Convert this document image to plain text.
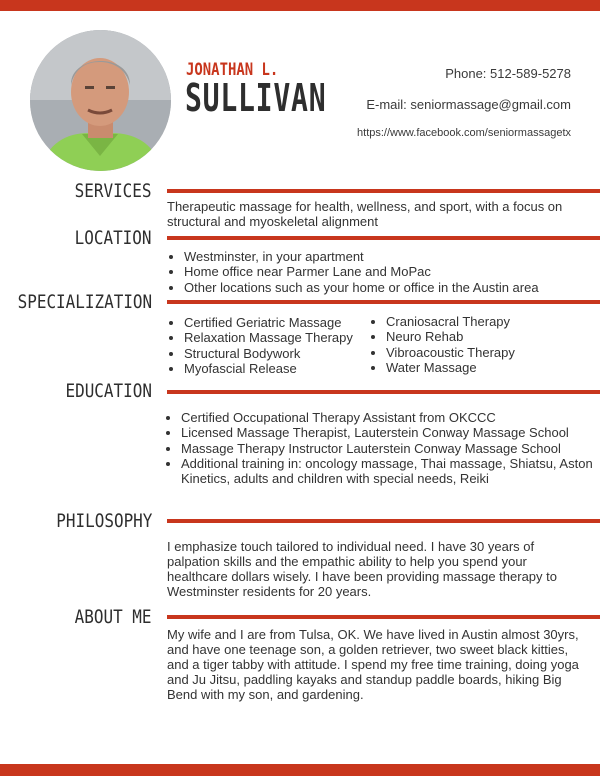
JONATHAN L.
SULLIVAN
Phone: 512-589-5278
E-mail: seniormassage@gmail.com
https://www.facebook.com/seniormassagetx
SERVICES
Therapeutic massage for health, wellness, and sport, with a focus on structural and myoskeletal alignment
LOCATION
• Westminster, in your apartment
• Home office near Parmer Lane and MoPac
• Other locations such as your home or office in the Austin area
SPECIALIZATION
• Certified Geriatric Massage
• Relaxation Massage Therapy
• Structural Bodywork
• Myofascial Release
• Craniosacral Therapy
• Neuro Rehab
• Vibroacoustic Therapy
• Water Massage
EDUCATION
• Certified Occupational Therapy Assistant from OKCCC
• Licensed Massage Therapist, Lauterstein Conway Massage School
• Massage Therapy Instructor Lauterstein Conway Massage School
• Additional training in: oncology massage, Thai massage, Shiatsu, Aston Kinetics, adults and children with special needs, Reiki
PHILOSOPHY
I emphasize touch tailored to individual need. I have 30 years of palpation skills and the empathic ability to help you spend your healthcare dollars wisely. I have been providing massage therapy to Westminster residents for 20 years.
ABOUT ME
My wife and I are from Tulsa, OK. We have lived in Austin almost 30yrs, and have one teenage son, a golden retriever, two sweet black kitties, and a tiger tabby with attitude. I spend my free time training, doing yoga and Ju Jitsu, paddling kayaks and standup paddle boards, hiking Big Bend with my son, and gardening.
